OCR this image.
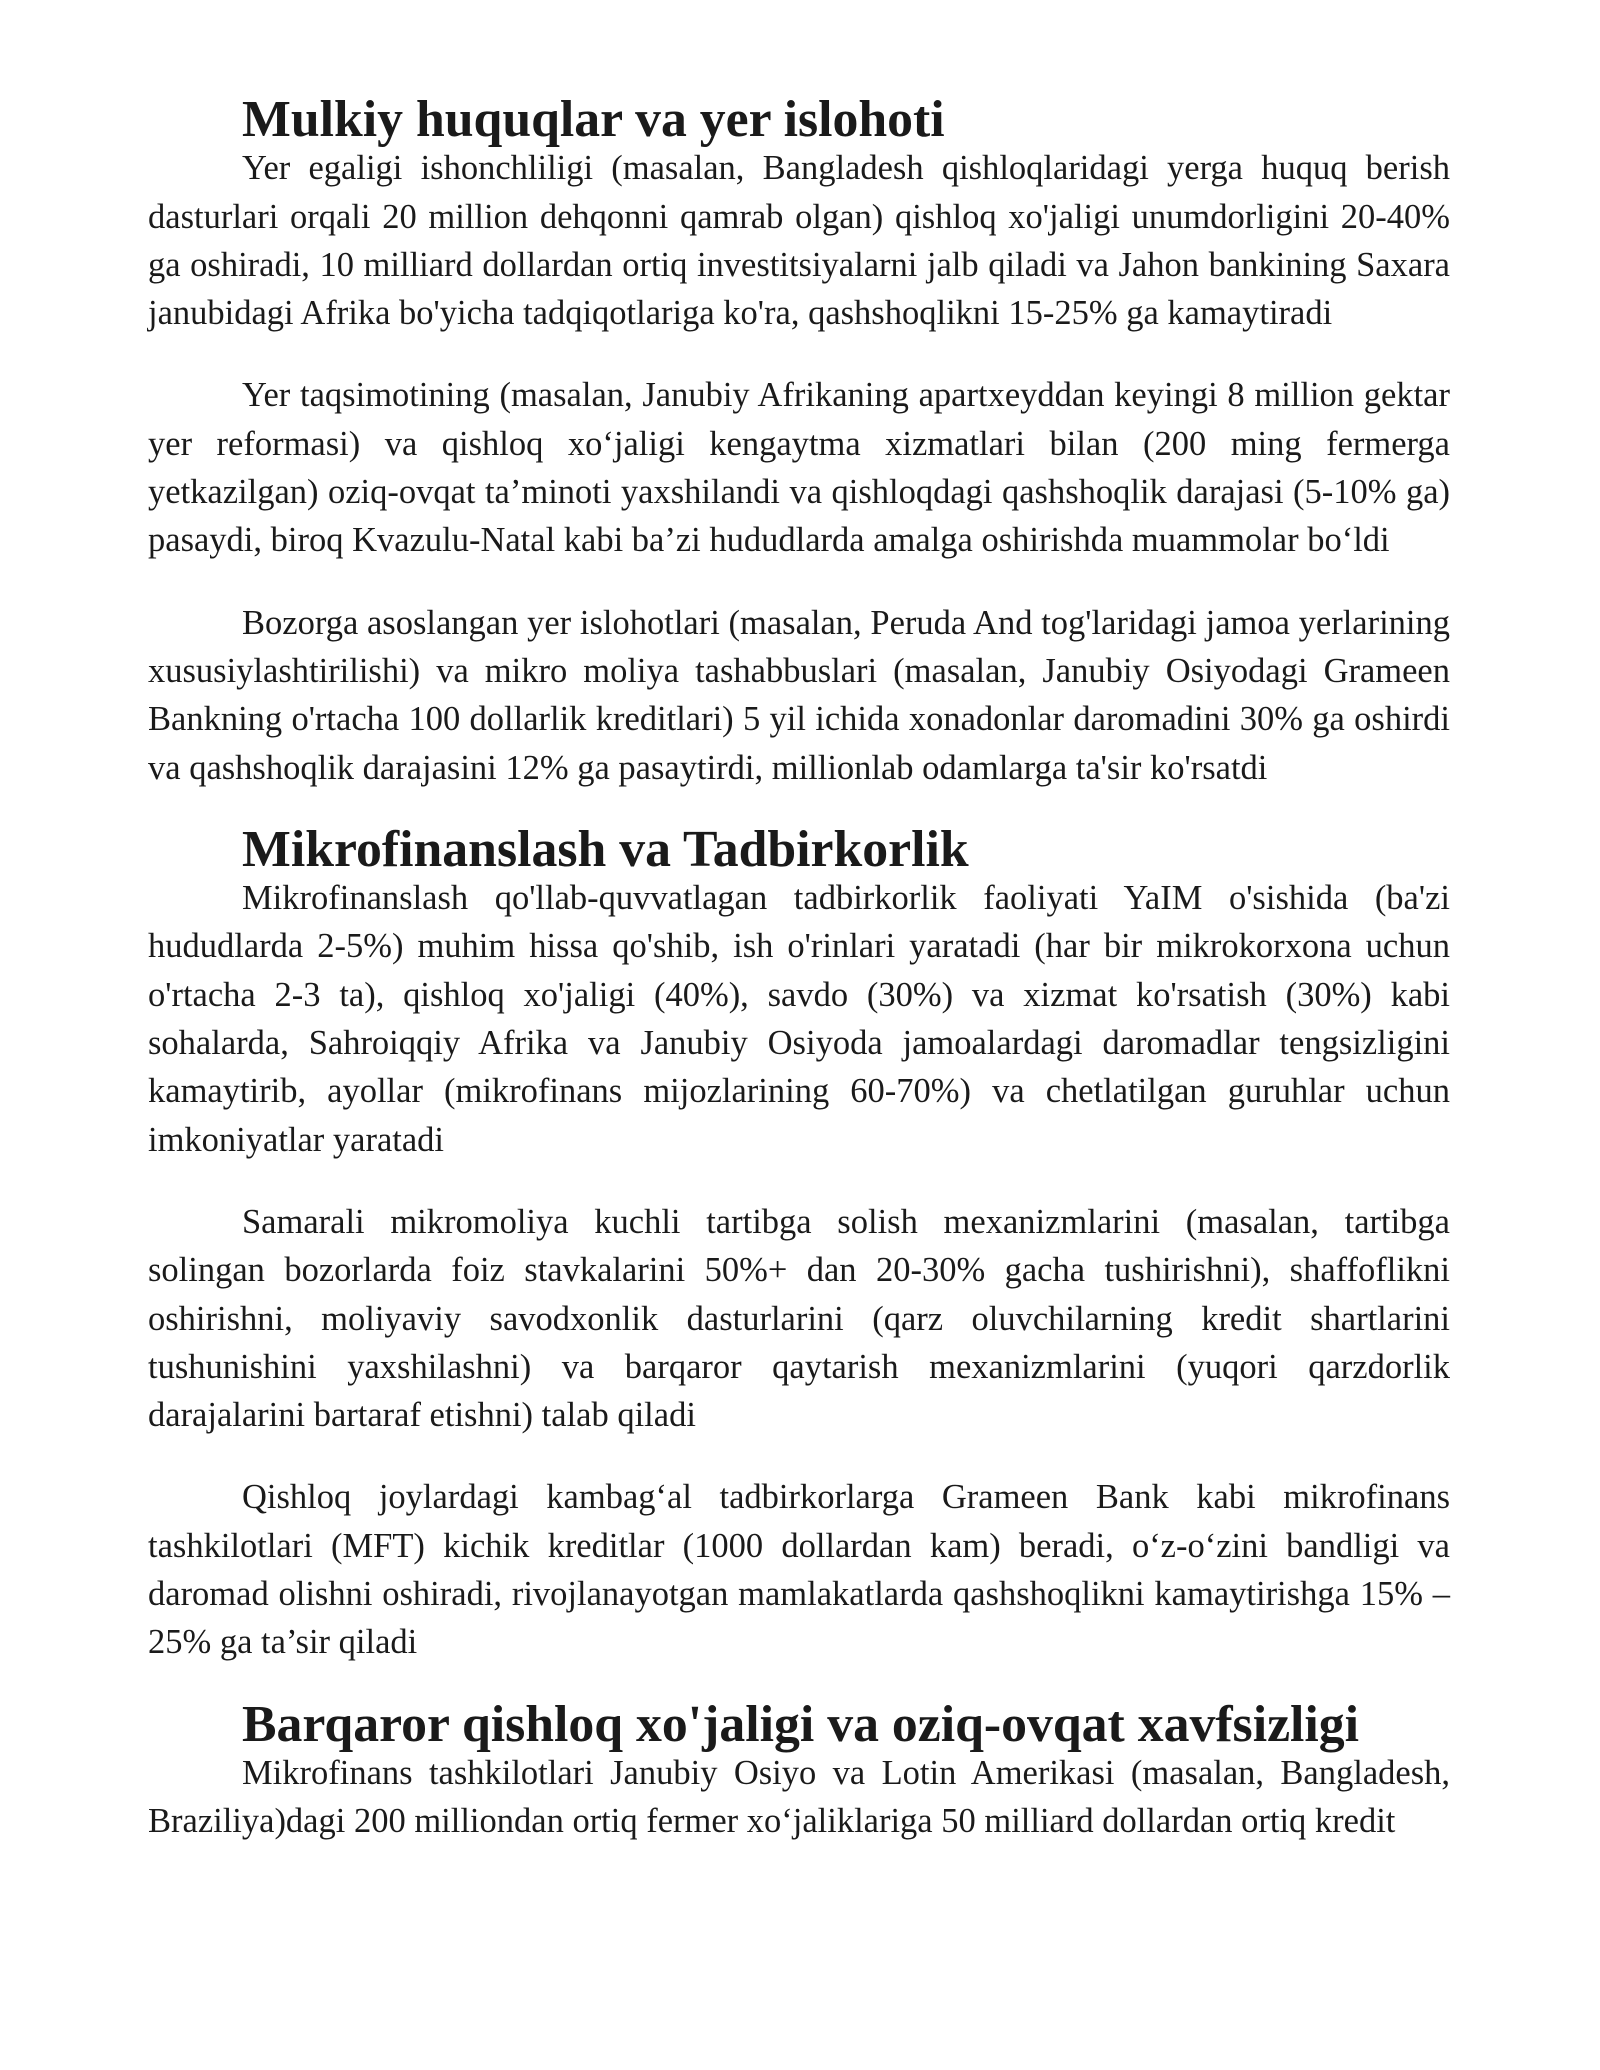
Mulkiy huquqlar va yer islohoti

Yer egaligi ishonchliligi (masalan, Bangladesh qishloqlaridagi yerga huquq berish dasturlari orqali 20 million dehqonni qamrab olgan) qishloq xo'jaligi unumdorligini 20-40% ga oshiradi, 10 milliard dollardan ortiq investitsiyalarni jalb qiladi va Jahon bankining Saxara janubidagi Afrika bo'yicha tadqiqotlariga ko'ra, qashshoqlikni 15-25% ga kamaytiradi

Yer taqsimotining (masalan, Janubiy Afrikaning apartxeyddan keyingi 8 million gektar yer reformasi) va qishloq xo‘jaligi kengaytma xizmatlari bilan (200 ming fermerga yetkazilgan) oziq-ovqat ta’minoti yaxshilandi va qishloqdagi qashshoqlik darajasi (5-10% ga) pasaydi, biroq Kvazulu-Natal kabi ba’zi hududlarda amalga oshirishda muammolar bo‘ldi

Bozorga asoslangan yer islohotlari (masalan, Peruda And tog'laridagi jamoa yerlarining xususiylashtirilishi) va mikro moliya tashabbuslari (masalan, Janubiy Osiyodagi Grameen Bankning o'rtacha 100 dollarlik kreditlari) 5 yil ichida xonadonlar daromadini 30% ga oshirdi va qashshoqlik darajasini 12% ga pasaytirdi, millionlab odamlarga ta'sir ko'rsatdi

Mikrofinanslash va Tadbirkorlik

Mikrofinanslash qo'llab-quvvatlagan tadbirkorlik faoliyati YaIM o'sishida (ba'zi hududlarda 2-5%) muhim hissa qo'shib, ish o'rinlari yaratadi (har bir mikrokorxona uchun o'rtacha 2-3 ta), qishloq xo'jaligi (40%), savdo (30%) va xizmat ko'rsatish (30%) kabi sohalarda, Sahroiqqiy Afrika va Janubiy Osiyoda jamoalardagi daromadlar tengsizligini kamaytirib, ayollar (mikrofinans mijozlarining 60-70%) va chetlatilgan guruhlar uchun imkoniyatlar yaratadi

Samarali mikromoliya kuchli tartibga solish mexanizmlarini (masalan, tartibga solingan bozorlarda foiz stavkalarini 50%+ dan 20-30% gacha tushirishni), shaffoflikni oshirishni, moliyaviy savodxonlik dasturlarini (qarz oluvchilarning kredit shartlarini tushunishini yaxshilashni) va barqaror qaytarish mexanizmlarini (yuqori qarzdorlik darajalarini bartaraf etishni) talab qiladi

Qishloq joylardagi kambag‘al tadbirkorlarga Grameen Bank kabi mikrofinans tashkilotlari (MFT) kichik kreditlar (1000 dollardan kam) beradi, o‘z-o‘zini bandligi va daromad olishni oshiradi, rivojlanayotgan mamlakatlarda qashshoqlikni kamaytirishga 15% – 25% ga ta’sir qiladi

Barqaror qishloq xo'jaligi va oziq-ovqat xavfsizligi

Mikrofinans tashkilotlari Janubiy Osiyo va Lotin Amerikasi (masalan, Bangladesh, Braziliya)dagi 200 milliondan ortiq fermer xo‘jaliklariga 50 milliard dollardan ortiq kredit
